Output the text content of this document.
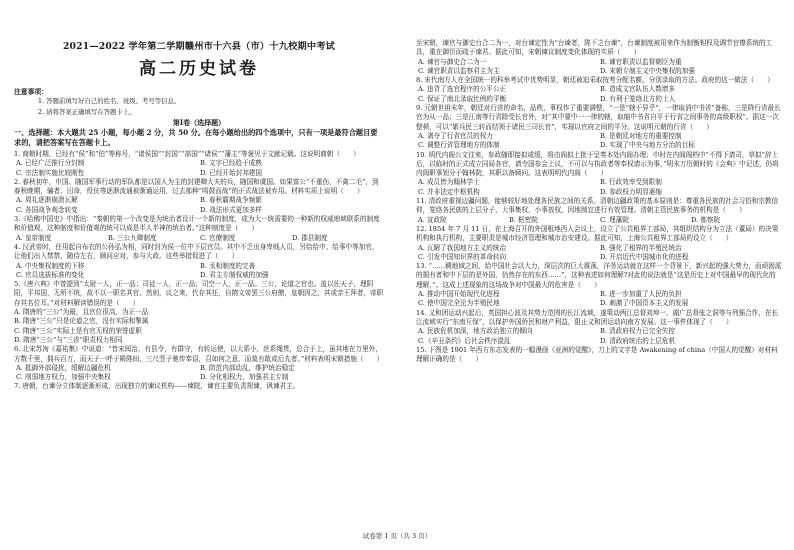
2021—2022 学年第二学期赣州市十六县（市）十九校期中考试
高二历史试卷
注意事项：
1. 答题前填写好自己的姓名、班级、考号等信息。
2. 请将答案正确填写在答题卡上。
第Ⅰ卷（选择题）
一、选择题：本大题共 25 小题，每小题 2 分，共 50 分。在每小题给出的四个选项中，只有一项是最符合题目要求的，请把答案写在答题卡上。

1. 商朝时期，已经有“侯”和“伯”等称号，“诸侯国”“封国”“部国”“诸侯”“藩主”等褒见于文献记载。这说明商朝（　　）

A. 已经广泛推行分封制	B. 文字已经趋于成熟
C. 宗法制实施比较刚性	D. 已经开始封邦建国

2. 春秋初年，申国、随国军事行动的军队都是以国人为主的封建卿大夫的兵，随国和虞国。如果富公“不重伤，不禽二毛”，到春秋晚期，骗者、田命，役伕等逐渐流通被渐通运用，过去那种“鸣鼓而战”的正式战法被弃用。材料实质上说明（　　）

A. 周礼逐渐崩溃瓦解	B. 春秋霸期战争频繁
C. 各国战争观念转变	D. 战法形式更加多样

3.《哈佛中国史》中指出：“秦朝的第一个改变是为统治者设计一个新的制度，成为大一统需要的一种新的权威地域联系的制度和价值观，这种制度和价值观的统可以成是半人半神的统治者。”这种制度是（　　）

A. 皇帝制度	B. 三公九卿制度	C. 官僚制度	D. 郡县制度

4. 汉武帝时，任用起自布衣的公孙弘为相，同时封为侯一位中下层官员。其中不乏出身卑贱人员，另给给中、给事中等加官，让他们出入禁禁，随侍左右，顾问应对，参与大政。这些举措促进了（　　）

A. 中央集权制度的下移	B. 丞相制度的完善
C. 官员选拔标准的变化	D. 君主专制权威的加强

5.《唐六典》中曾提到“太尉一人，正一品；司徒一人，正一品；司空一人，正一品。三公，论道之官也。盖以佐天子，理阴阳，平邦国，无所不统，故不以一职名其官。然则，议之来，代存其任，自隋文帝罢三公府僚，皇朝因之，其或亲王拜者，帝职存其名位耳。”对材料解读错误的是（　　）

A. 隋唐的“三公”为最，且官位很高，为正一品
B. 隋唐“三公”只是论道之官，没有实际和掣属
C. 隋唐“三公”实际上是有官无权的荣誉虚职
D. 隋唐“三公”与“三省”职责权力相同

6. 北宋苏洵《嘉祐集》中说道：“昔宋阅治，有县令，有群守，有转运使，以大系小，丝系绳贯，总合于上，虽其地在万里外，方数千里，拥兵百万，而天子一呼于殿陛间，三尺竖子驰传奉诏，召如何之意，而莫有敢或后先者。”材料表明宋朝措施（　　）

A. 抵御外部侵扰，缓解边疆危机	B. 防范内部动乱，维护统治稳定
C. 削弱地方权力，加强中央集权	D. 分化相权力，加强君主专制

7. 唐朝，台谏分立体制逐渐形成，出现独立的谏议机构——谏院，谏官主要负责规谏，讽谏君主。

至宋朝，谏官与御史台合二为一，对台谏定性为“台谏者，陛下之台谏”，台谏制度被用来作为制衡相权及调节官僚系统的工具，重在御臣而疏于谏君。据此可知，宋朝谏议制度变化体现的实质（　　）

A. 谏官与御史合二为一	B. 谏官职责以监督朝臣为重
C. 谏官职责以监察君主为主	D. 宋朝专制主义中央集权的加强

8. 宋代南方人在全国统一的科举考试中优势明显，朝廷被迫采取按考分配名额，分别录取的方法。政府的这一做法（　　）

A. 违背了选官程序的公平公正	B. 造成文官队伍人数增多
C. 保证了南北录取比例的平衡	D. 有利于笼络北方的士人

9. 元朝世祖末年，朝廷对行省的命名，品秩，事权作了重要调整，“一是“辖于异乎”，一律取消中书省“备称，三是降行省最长官为从一品；三是江南等行省除受长官外，对“其中要中一一律的辖，取缩中书省自平于行省之间事务的高级职权”。据这一次整顿，可以“繁兵民三转而结领于诸民三司长官”，实现以官府之间的平分。这说明元朝的行省（　　）

A. 剥夺了行省官员的权力	B. 是朝廷对地方的重要控制
C. 调整行省管理地方的体制	D. 实现了中央与地方分治的目标

10. 明代内阁公文往来，参政随即接拟或缓，将由阁拟上批于呈奏本处内阁办理；申时在内阁阁档中“不得下请司，草拟”辞士后，以临时的正式成立同局各官，请令国参会上议，不可以与执政者等奉权请示为事，”明末万历朝时的《会典》中记述，仍将内阁职事划分于翰林院，其职以备顾问。这表明明代内阁（　　）

A. 成员皆为翰林学士	B. 行政效率受到限制
C. 并非法定中枢机构	D. 参政权力明显萎缩

11. 清政府重视边疆问题，能够较好地处理各民族之间的关系。清朝边疆政策的基本原则是：尊重各民族的社会习俗和宗教信仰，笼络各民族的上层分子，大事集权，小事放权，因地制宜进行有效管理。清朝主管民族事务的机构是（　　）

A. 宣政院	B. 枢密院	C. 理藩院	D. 都察院

12. 1854 年 7 月 11 日，在上海召开的外国租地西人会议上，设立了公共租界工部局，其组织结构分为立法（董局）的决策机构和执行机构，主要职责是城市经济管理和城市治安建设。据此可知，上海公共租界工部局的设立（　　）

A. 瓦解了我国地方主义的统治	B. 强化了租界的半殖民统治
C. 引发中国知识界的革命转向	D. 开启近代中国城市化的进程

13. “……稠地域之间，给中国社会以大力，深层次的巨大震荡，洋务运动就在这样一个背景下，新兴起的强大势力，而顽固派的拥有者和中下层的是外国，仍然存在的东西……”，这种表述如何理解?对此的说法就是“这是历史上对中国最早的现代化的理解，”。这成上述现象的这场战争对中国最大的危害是（　　）

A. 推动中国开始现代化进程	B. 进一步加重了人民的负担
C. 使中国完全沦为半殖民地	D. 刺激了中国资本主义的发展

14. 义和团运动兴起后，英国担心波及其势力范围的长江流域，遂策动两江总督刘坤一、湖广总督张之洞等与列强合作，在长江流域实行“东南互保”，以保护外国侨民和财产利益，阻止义和团运动向南方发展。这一事件体现了（　　）

A. 民族危机加深，地方政治独立的倾向	B. 清政府权力已完全失控
C.《辛丑条约》后社会秩序混乱	D. 清政府统治的上层危机

15. 下图是 1901 年西方东志发表的一幅漫画《亚洲的觉醒》，刀上的文字是 Awakening of china（中国人的觉醒）对材料理解正确的是（　　）

试卷第 1 页（共 3 页）
